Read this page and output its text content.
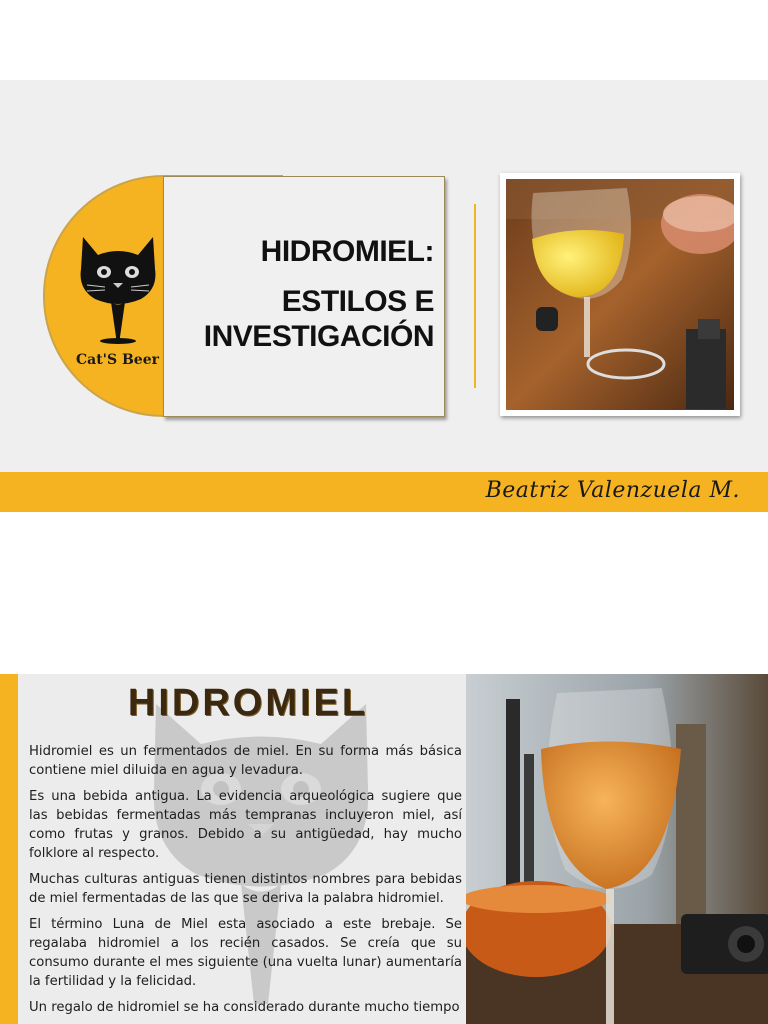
Cat'S Beer
HIDROMIEL:
ESTILOS E INVESTIGACIÓN
Beatriz Valenzuela M.
HIDROMIEL

Hidromiel es un fermentados de miel. En su forma más básica contiene miel diluida en agua y levadura.

Es una bebida antigua. La evidencia arqueológica sugiere que las bebidas fermentadas más tempranas incluyeron miel, así como frutas y granos. Debido a su antigüedad, hay mucho folklore al respecto.

Muchas culturas antiguas tienen distintos nombres para bebidas de miel fermentadas de las que se deriva la palabra hidromiel.

El término Luna de Miel esta asociado a este brebaje. Se regalaba hidromiel a los recién casados. Se creía que su consumo durante el mes siguiente (una vuelta lunar) aumentaría la fertilidad y la felicidad.

Un regalo de hidromiel se ha considerado durante mucho tiempo
